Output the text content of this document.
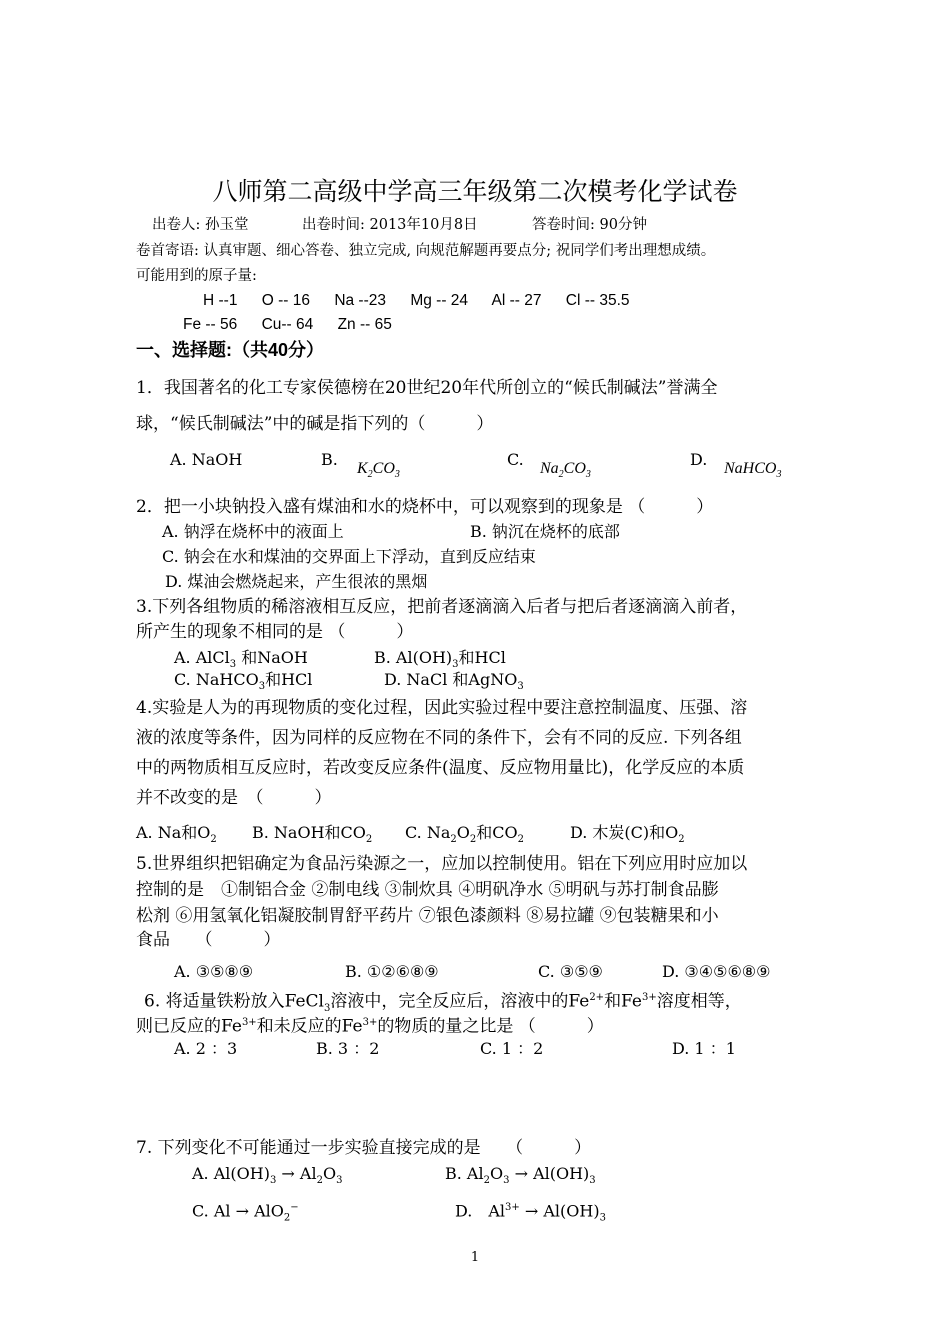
八师第二高级中学高三年级第二次模考化学试卷
出卷人: 孙玉堂	出卷时间: 2013年10月8日	答卷时间: 90分钟
卷首寄语: 认真审题、细心答卷、独立完成, 向规范解题再要点分; 祝同学们考出理想成绩。
可能用到的原子量:
H --1 O -- 16 Na --23 Mg -- 24 Al -- 27 Cl -- 35.5
Fe -- 56 Cu-- 64 Zn -- 65
一、选择题:（共40分）
1．我国著名的化工专家侯德榜在20世纪20年代所创立的“候氏制碱法”誉满全
球，“候氏制碱法”中的碱是指下列的（　　　）
A. NaOH	B. $K_2CO_3$
C. $Na_2CO_3$
D. NaHCO$_3$
2．把一小块钠投入盛有煤油和水的烧杯中，可以观察到的现象是 （　　　）
A. 钠浮在烧杯中的液面上	B. 钠沉在烧杯的底部
C. 钠会在水和煤油的交界面上下浮动，直到反应结束
D. 煤油会燃烧起来，产生很浓的黑烟
3.下列各组物质的稀溶液相互反应，把前者逐滴滴入后者与把后者逐滴滴入前者，
所产生的现象不相同的是 （　　　）
A. AlCl$_3$ 和NaOH	B. $Al(OH)_3$和HCl
C. NaHCO$_3$和HCl	D. NaCl 和AgNO$_3$
4.实验是人为的再现物质的变化过程，因此实验过程中要注意控制温度、压强、溶
液的浓度等条件，因为同样的反应物在不同的条件下，会有不同的反应. 下列各组
中的两物质相互反应时，若改变反应条件(温度、反应物用量比)，化学反应的本质
并不改变的是　（　　　）
A. Na和$O_2$ B. NaOH和$CO_2$ C. $Na_2O_2$和$CO_2$	D. 木炭(C)和$O_2$
5.世界组织把铝确定为食品污染源之一，应加以控制使用。铝在下列应用时应加以
控制的是　①制铝合金 ②制电线 ③制炊具 ④明矾净水 ⑤明矾与苏打制食品膨
松剂 ⑥用氢氧化铝凝胶制胃舒平药片 ⑦银色漆颜料 ⑧易拉罐 ⑨包装糖果和小
食品　　（　　　）
A. ③⑤⑧⑨	B. ①②⑥⑧⑨	C. ③⑤⑨	D. ③④⑤⑥⑧⑨
6. 将适量铁粉放入FeCl$_3$溶液中，完全反应后，溶液中的$Fe^{2+}$和$Fe^{3+}$溶度相等，
则已反应的$Fe^{3+}$和未反应的$Fe^{3+}$的物质的量之比是 （　　　）
A. 2 ：3	B. 3 ：2	C. 1 ：2	D. 1 ：1
7. 下列变化不可能通过一步实验直接完成的是　　（　　　）
A. $Al(OH)_3 \to Al_2O_3$	B. $Al_2O_3 \to Al(OH)_3$
C. Al → AlO$_2$−	D.　$Al^{3+} \to Al(OH)_3$
1
